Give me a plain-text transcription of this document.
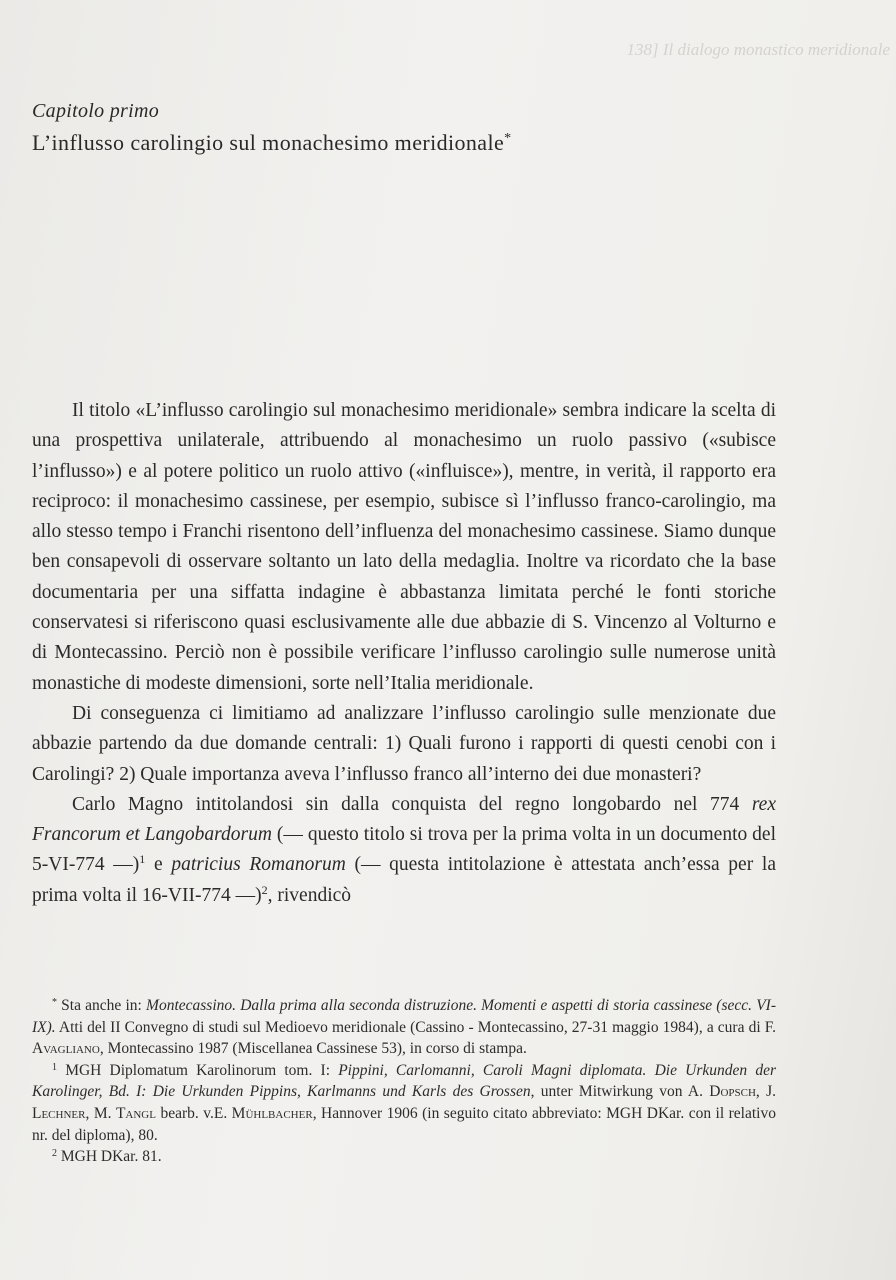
138] Il dialogo monastico meridionale
Capitolo primo
L’influsso carolingio sul monachesimo meridionale*

Il titolo «L’influsso carolingio sul monachesimo meridionale» sembra indicare la scelta di una prospettiva unilaterale, attribuendo al monachesimo un ruolo passivo («subisce l’influsso») e al potere politico un ruolo attivo («influisce»), mentre, in verità, il rapporto era reciproco: il monachesimo cassinese, per esempio, subisce sì l’influsso franco-carolingio, ma allo stesso tempo i Franchi risentono dell’influenza del monachesimo cassinese. Siamo dunque ben consapevoli di osservare soltanto un lato della medaglia. Inoltre va ricordato che la base documentaria per una siffatta indagine è abbastanza limitata perché le fonti storiche conservatesi si riferiscono quasi esclusivamente alle due abbazie di S. Vincenzo al Volturno e di Montecassino. Perciò non è possibile verificare l’influsso carolingio sulle numerose unità monastiche di modeste dimensioni, sorte nell’Italia meridionale.

Di conseguenza ci limitiamo ad analizzare l’influsso carolingio sulle menzionate due abbazie partendo da due domande centrali: 1) Quali furono i rapporti di questi cenobi con i Carolingi? 2) Quale importanza aveva l’influsso franco all’interno dei due monasteri?

Carlo Magno intitolandosi sin dalla conquista del regno longobardo nel 774 rex Francorum et Langobardorum (— questo titolo si trova per la prima volta in un documento del 5-VI-774 —)$^1$ e patricius Romanorum (— questa intitolazione è attestata anch’essa per la prima volta il 16-VII-774 —)$^2$, rivendicò

* Sta anche in: Montecassino. Dalla prima alla seconda distruzione. Momenti e aspetti di storia cassinese (secc. VI-IX). Atti del II Convegno di studi sul Medioevo meridionale (Cassino - Montecassino, 27-31 maggio 1984), a cura di F. Avagliano, Montecassino 1987 (Miscellanea Cassinese 53), in corso di stampa.

$^1$ MGH Diplomatum Karolinorum tom. I: Pippini, Carlomanni, Caroli Magni diplomata. Die Urkunden der Karolinger, Bd. I: Die Urkunden Pippins, Karlmanns und Karls des Grossen, unter Mitwirkung von A. Dopsch, J. Lechner, M. Tangl bearb. v.E. Mühlbacher, Hannover 1906 (in seguito citato abbreviato: MGH DKar. con il relativo nr. del diploma), 80.

$^2$ MGH DKar. 81.
